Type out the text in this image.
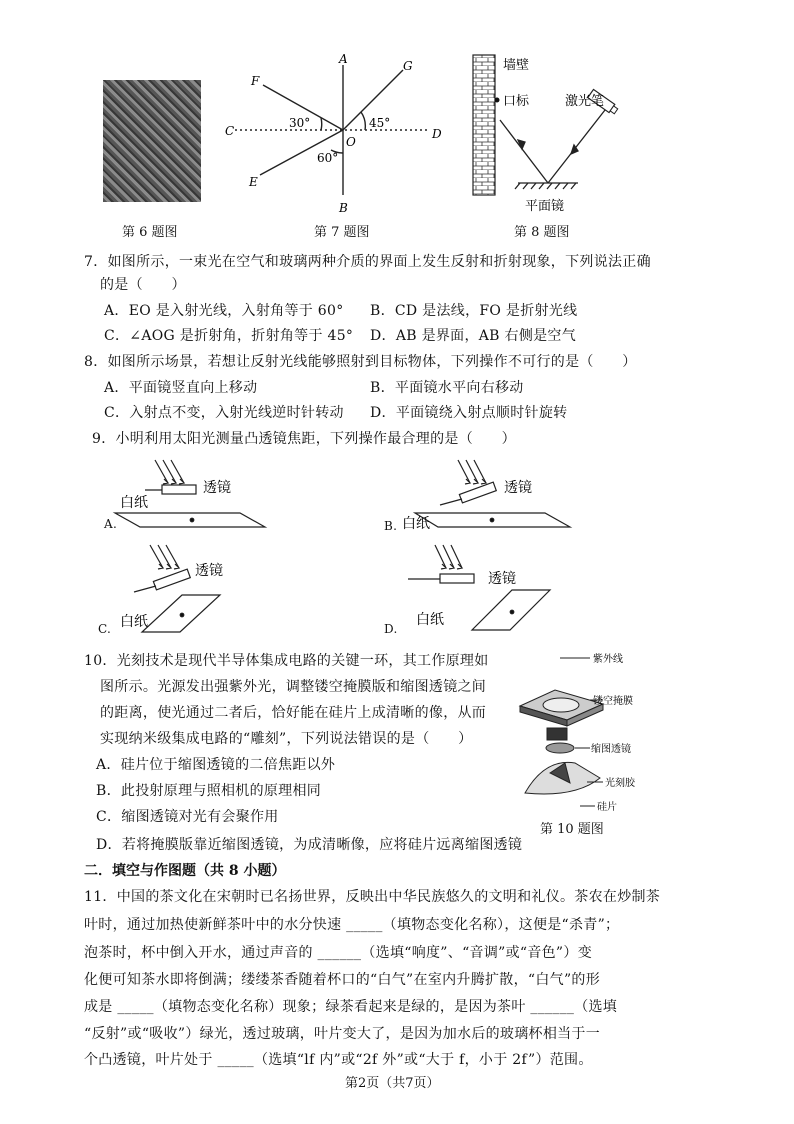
第 6 题图
A
B
C	D
F
E
G
O
30°	45°
60°
第 7 题图
墙壁
口标	激光笔
平面镜
第 8 题图
7．如图所示，一束光在空气和玻璃两种介质的界面上发生反射和折射现象，下列说法正确
的是（　　）
A．EO 是入射光线，入射角等于 60° B．CD 是法线，FO 是折射光线
C．∠AOG 是折射角，折射角等于 45° D．AB 是界面，AB 右侧是空气
8．如图所示场景，若想让反射光线能够照射到目标物体，下列操作不可行的是（　　）
A．平面镜竖直向上移动	B．平面镜水平向右移动
C．入射点不变，入射光线逆时针转动 D．平面镜绕入射点顺时针旋转
9．小明利用太阳光测量凸透镜焦距，下列操作最合理的是（　　）
透镜
白纸
A.
透镜
白纸
B.
透镜
白纸
C.
透镜
白纸
D.
10．光刻技术是现代半导体集成电路的关键一环，其工作原理如
图所示。光源发出强紫外光，调整镂空掩膜版和缩图透镜之间
的距离，使光通过二者后，恰好能在硅片上成清晰的像，从而
实现纳米级集成电路的“雕刻”，下列说法错误的是（　　）
A．硅片位于缩图透镜的二倍焦距以外
B．此投射原理与照相机的原理相同
C．缩图透镜对光有会聚作用
D．若将掩膜版靠近缩图透镜，为成清晰像，应将硅片远离缩图透镜
紫外线
镂空掩膜
缩图透镜
光刻胶
硅片
第 10 题图
二．填空与作图题（共 8 小题）
11．中国的茶文化在宋朝时已名扬世界，反映出中华民族悠久的文明和礼仪。茶农在炒制茶
叶时，通过加热使新鲜茶叶中的水分快速 _____（填物态变化名称），这便是“杀青”；
泡茶时，杯中倒入开水，通过声音的 ______（选填“响度”、“音调”或“音色”）变
化便可知茶水即将倒满；缕缕茶香随着杯口的“白气”在室内升腾扩散，“白气”的形
成是 _____（填物态变化名称）现象；绿茶看起来是绿的，是因为茶叶 ______（选填
“反射”或“吸收”）绿光，透过玻璃，叶片变大了，是因为加水后的玻璃杯相当于一
个凸透镜，叶片处于 _____（选填“lf 内”或“2f 外”或“大于 f，小于 2f”）范围。
第2页（共7页）
